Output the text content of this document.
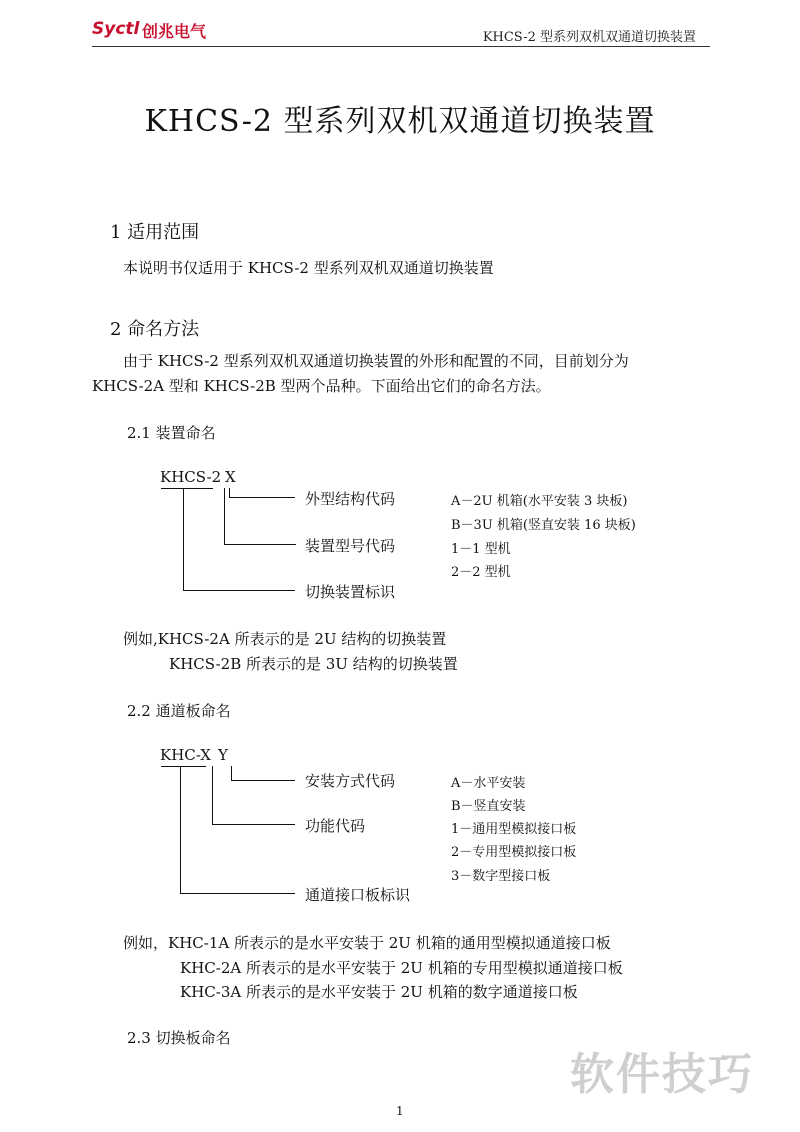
Syctl 创兆电气	KHCS-2 型系列双机双通道切换装置
KHCS-2 型系列双机双通道切换装置
1 适用范围
本说明书仅适用于 KHCS-2 型系列双机双通道切换装置
2 命名方法
由于 KHCS-2 型系列双机双通道切换装置的外形和配置的不同，目前划分为
KHCS-2A 型和 KHCS-2B 型两个品种。下面给出它们的命名方法。
2.1 装置命名
KHCS-2 X
外型结构代码
装置型号代码
切换装置标识
A－2U 机箱(水平安装 3 块板)
B－3U 机箱(竖直安装 16 块板)
1－1 型机
2－2 型机
例如,KHCS-2A 所表示的是 2U 结构的切换装置
KHCS-2B 所表示的是 3U 结构的切换装置
2.2 通道板命名
KHC-X Y
安装方式代码
功能代码
通道接口板标识
A－水平安装
B－竖直安装
1－通用型模拟接口板
2－专用型模拟接口板
3－数字型接口板
例如，KHC-1A 所表示的是水平安装于 2U 机箱的通用型模拟通道接口板
KHC-2A 所表示的是水平安装于 2U 机箱的专用型模拟通道接口板
KHC-3A 所表示的是水平安装于 2U 机箱的数字通道接口板
2.3 切换板命名
软件技巧
1
